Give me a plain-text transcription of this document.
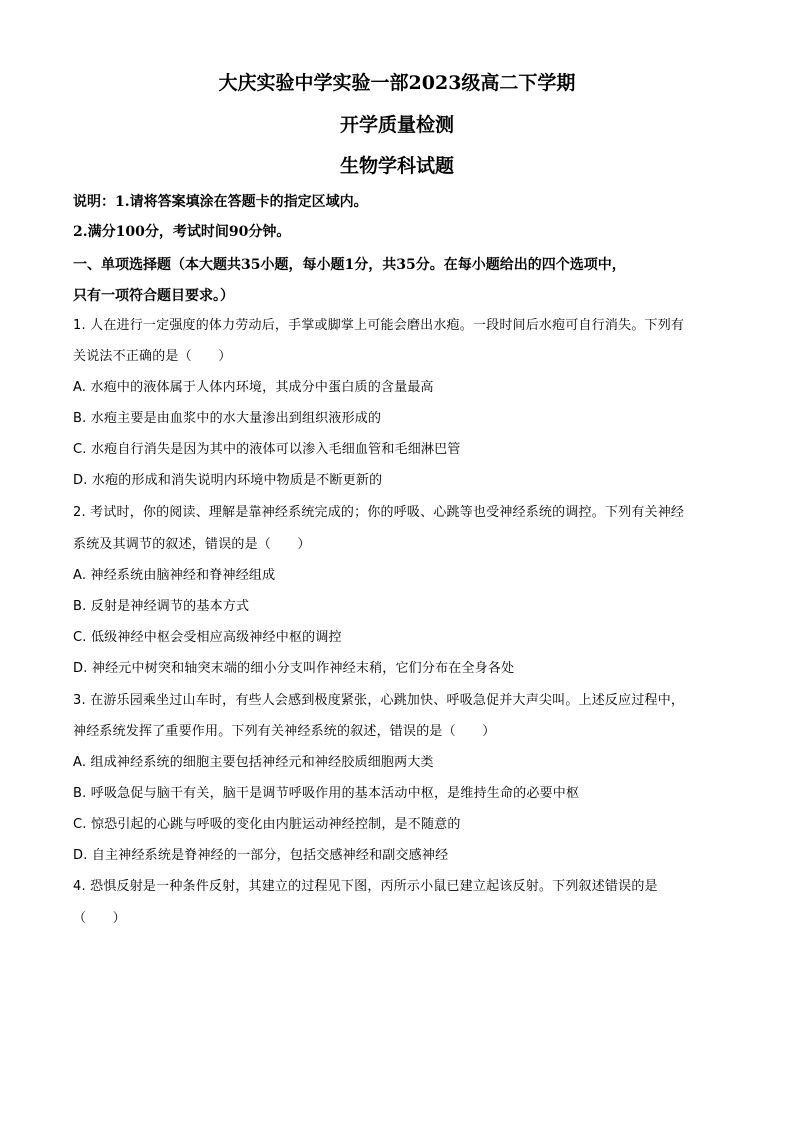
大庆实验中学实验一部2023级高二下学期
开学质量检测
生物学科试题
说明：1.请将答案填涂在答题卡的指定区域内。
2.满分100分，考试时间90分钟。
一、单项选择题（本大题共35小题，每小题1分，共35分。在每小题给出的四个选项中，
只有一项符合题目要求。）
1. 人在进行一定强度的体力劳动后，手掌或脚掌上可能会磨出水疱。一段时间后水疱可自行消失。下列有
关说法不正确的是（　　）
A. 水疱中的液体属于人体内环境，其成分中蛋白质的含量最高
B. 水疱主要是由血浆中的水大量渗出到组织液形成的
C. 水疱自行消失是因为其中的液体可以渗入毛细血管和毛细淋巴管
D. 水疱的形成和消失说明内环境中物质是不断更新的
2. 考试时，你的阅读、理解是靠神经系统完成的；你的呼吸、心跳等也受神经系统的调控。下列有关神经
系统及其调节的叙述，错误的是（　　）
A. 神经系统由脑神经和脊神经组成
B. 反射是神经调节的基本方式
C. 低级神经中枢会受相应高级神经中枢的调控
D. 神经元中树突和轴突末端的细小分支叫作神经末稍，它们分布在全身各处
3. 在游乐园乘坐过山车时，有些人会感到极度紧张，心跳加快、呼吸急促并大声尖叫。上述反应过程中，
神经系统发挥了重要作用。下列有关神经系统的叙述，错误的是（　　）
A. 组成神经系统的细胞主要包括神经元和神经胶质细胞两大类
B. 呼吸急促与脑干有关，脑干是调节呼吸作用的基本活动中枢，是维持生命的必要中枢
C. 惊恐引起的心跳与呼吸的变化由内脏运动神经控制，是不随意的
D. 自主神经系统是脊神经的一部分，包括交感神经和副交感神经
4. 恐惧反射是一种条件反射，其建立的过程见下图，丙所示小鼠已建立起该反射。下列叙述错误的是
（　　）
